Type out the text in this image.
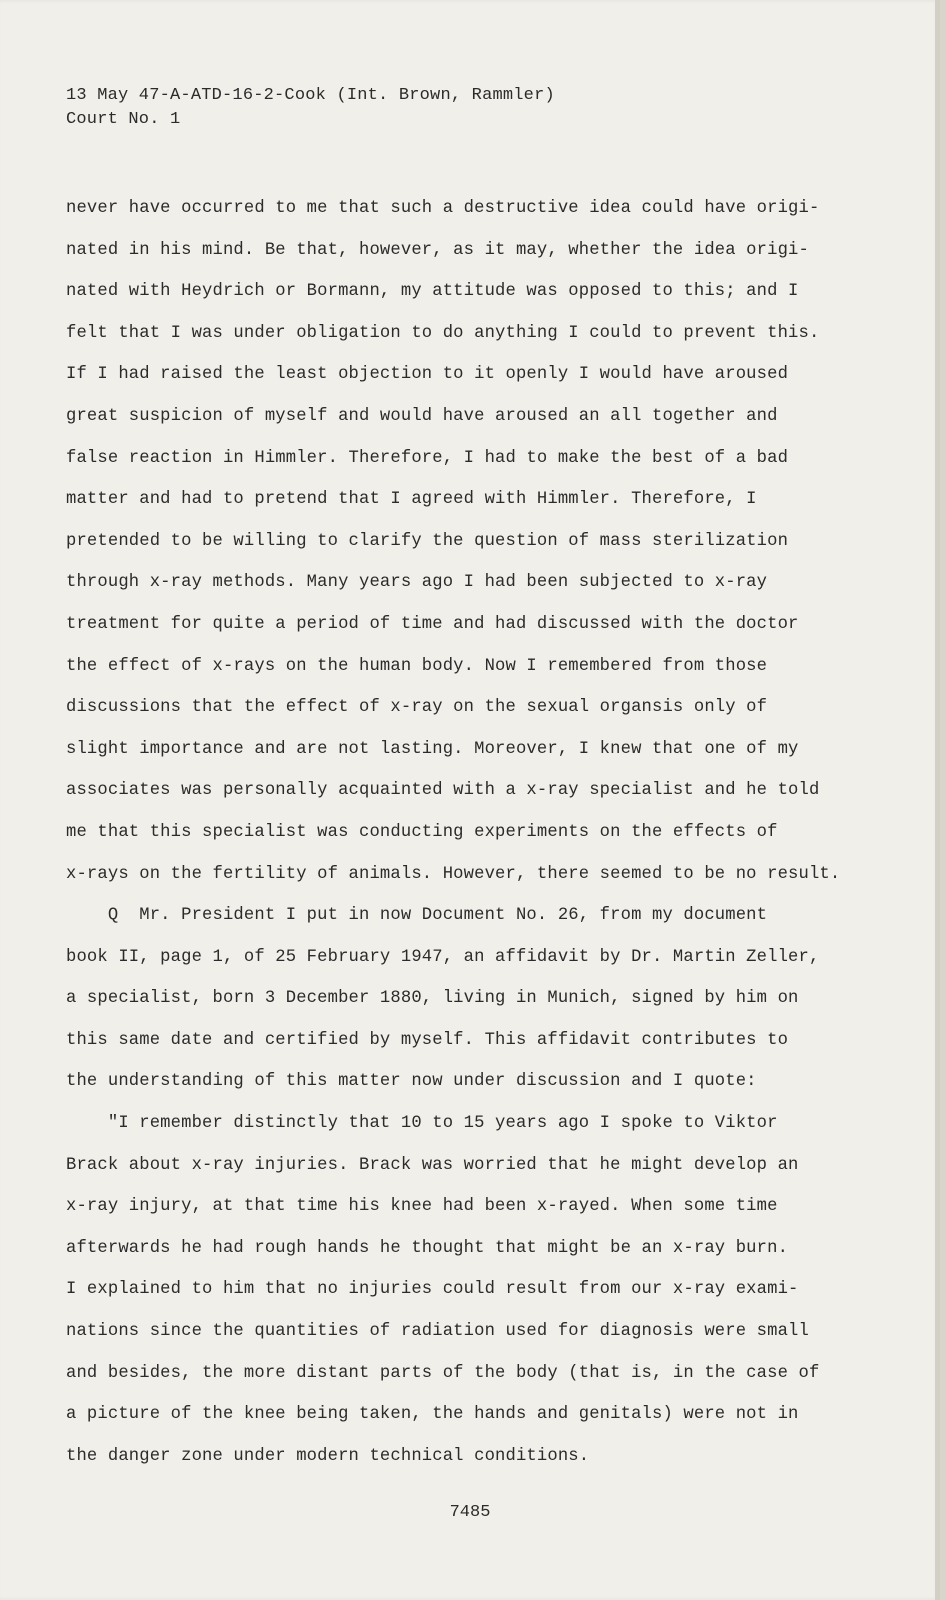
13 May 47-A-ATD-16-2-Cook (Int. Brown, Rammler)
Court No. 1
never have occurred to me that such a destructive idea could have origi-
nated in his mind. Be that, however, as it may, whether the idea origi-
nated with Heydrich or Bormann, my attitude was opposed to this; and I
felt that I was under obligation to do anything I could to prevent this.
If I had raised the least objection to it openly I would have aroused
great suspicion of myself and would have aroused an all together and
false reaction in Himmler. Therefore, I had to make the best of a bad
matter and had to pretend that I agreed with Himmler. Therefore, I
pretended to be willing to clarify the question of mass sterilization
through x-ray methods. Many years ago I had been subjected to x-ray
treatment for quite a period of time and had discussed with the doctor
the effect of x-rays on the human body. Now I remembered from those
discussions that the effect of x-ray on the sexual organsis only of
slight importance and are not lasting. Moreover, I knew that one of my
associates was personally acquainted with a x-ray specialist and he told
me that this specialist was conducting experiments on the effects of
x-rays on the fertility of animals. However, there seemed to be no result.
Q  Mr. President I put in now Document No. 26, from my document
book II, page 1, of 25 February 1947, an affidavit by Dr. Martin Zeller,
a specialist, born 3 December 1880, living in Munich, signed by him on
this same date and certified by myself. This affidavit contributes to
the understanding of this matter now under discussion and I quote:
"I remember distinctly that 10 to 15 years ago I spoke to Viktor
Brack about x-ray injuries. Brack was worried that he might develop an
x-ray injury, at that time his knee had been x-rayed. When some time
afterwards he had rough hands he thought that might be an x-ray burn.
I explained to him that no injuries could result from our x-ray exami-
nations since the quantities of radiation used for diagnosis were small
and besides, the more distant parts of the body (that is, in the case of
a picture of the knee being taken, the hands and genitals) were not in
the danger zone under modern technical conditions.
7485
